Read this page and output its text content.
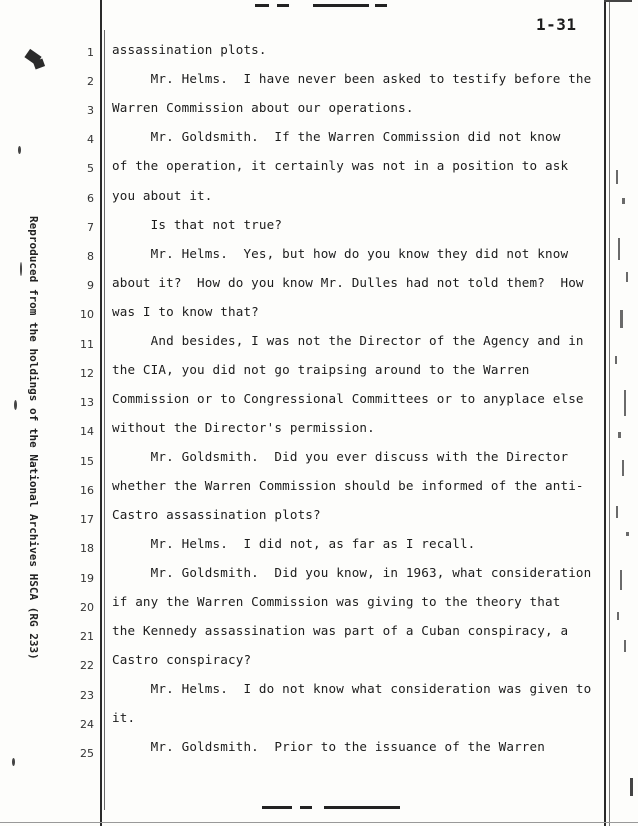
1-31
Reproduced from the holdings of the National Archives HSCA (RG 233)
1 assassination plots.
2 Mr. Helms.  I have never been asked to testify before the
3 Warren Commission about our operations.
4 Mr. Goldsmith.  If the Warren Commission did not know
5 of the operation, it certainly was not in a position to ask
6 you about it.
7 Is that not true?
8 Mr. Helms.  Yes, but how do you know they did not know
9 about it?  How do you know Mr. Dulles had not told them?  How
10 was I to know that?
11 And besides, I was not the Director of the Agency and in
12 the CIA, you did not go traipsing around to the Warren
13 Commission or to Congressional Committees or to anyplace else
14 without the Director's permission.
15 Mr. Goldsmith.  Did you ever discuss with the Director
16 whether the Warren Commission should be informed of the anti-
17 Castro assassination plots?
18 Mr. Helms.  I did not, as far as I recall.
19 Mr. Goldsmith.  Did you know, in 1963, what consideration
20 if any the Warren Commission was giving to the theory that
21 the Kennedy assassination was part of a Cuban conspiracy, a
22 Castro conspiracy?
23 Mr. Helms.  I do not know what consideration was given to
24 it.
25 Mr. Goldsmith.  Prior to the issuance of the Warren
